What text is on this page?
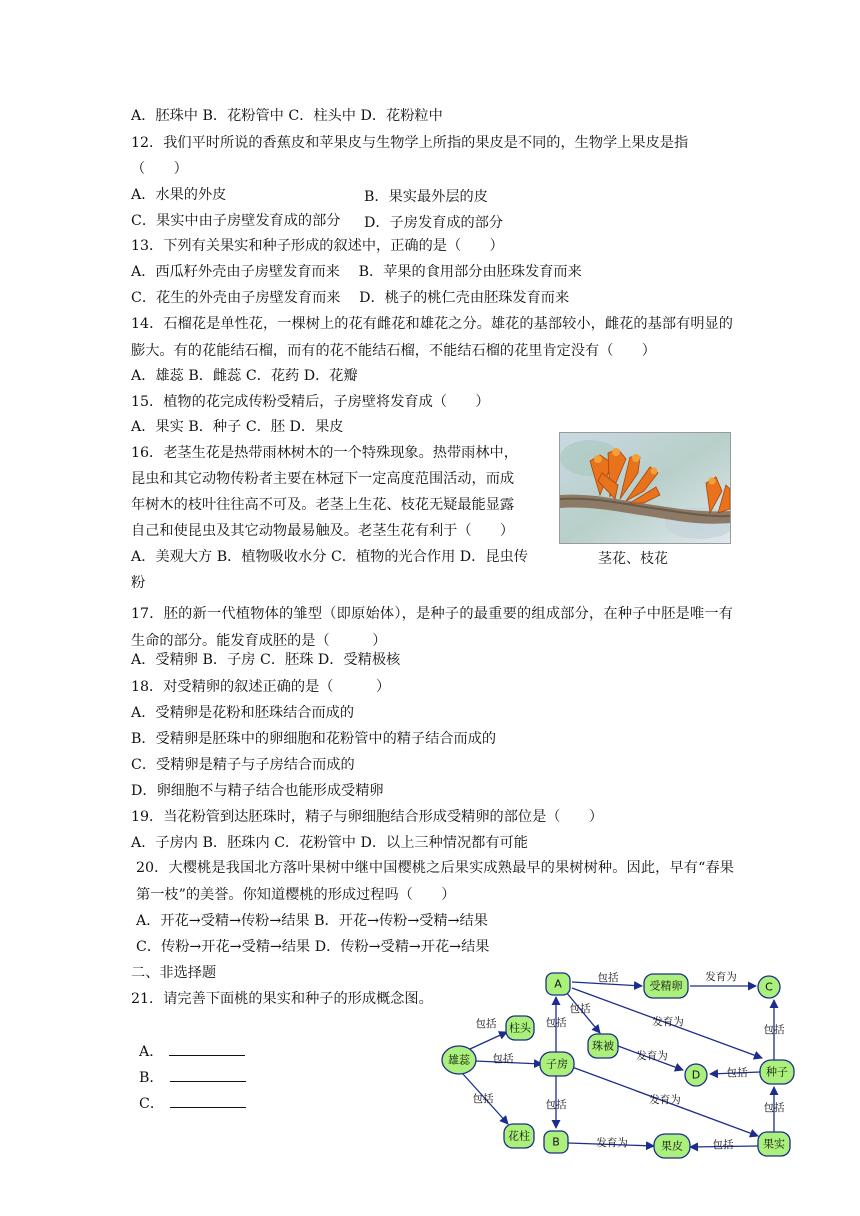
A．胚珠中 B．花粉管中 C．柱头中 D．花粉粒中
12．我们平时所说的香蕉皮和苹果皮与生物学上所指的果皮是不同的，生物学上果皮是指
（　　）
A．水果的外皮	B．果实最外层的皮
C．果实中由子房壁发育成的部分 D．子房发育成的部分
13．下列有关果实和种子形成的叙述中，正确的是（　　）
A．西瓜籽外壳由子房壁发育而来　 B．苹果的食用部分由胚珠发育而来
C．花生的外壳由子房壁发育而来　 D．桃子的桃仁壳由胚珠发育而来
14．石榴花是单性花，一棵树上的花有雌花和雄花之分。雄花的基部较小，雌花的基部有明显的膨大。有的花能结石榴，而有的花不能结石榴，不能结石榴的花里肯定没有（　　）
A．雄蕊 B．雌蕊 C．花药 D．花瓣
15．植物的花完成传粉受精后，子房壁将发育成（　　）
A．果实 B．种子 C．胚 D．果皮
16．老茎生花是热带雨林树木的一个特殊现象。热带雨林中，
昆虫和其它动物传粉者主要在林冠下一定高度范围活动，而成
年树木的枝叶往往高不可及。老茎上生花、枝花无疑最能显露
自己和使昆虫及其它动物最易触及。老茎生花有利于（　　）
A．美观大方 B．植物吸收水分 C．植物的光合作用 D．昆虫传
粉
茎花、枝花
17．胚的新一代植物体的雏型（即原始体），是种子的最重要的组成部分，在种子中胚是唯一有生命的部分。能发育成胚的是（　　　）
A．受精卵 B．子房 C．胚珠 D．受精极核
18．对受精卵的叙述正确的是（　　　）
A．受精卵是花粉和胚珠结合而成的
B．受精卵是胚珠中的卵细胞和花粉管中的精子结合而成的
C．受精卵是精子与子房结合而成的
D．卵细胞不与精子结合也能形成受精卵
19．当花粉管到达胚珠时，精子与卵细胞结合形成受精卵的部位是（　　）
A．子房内 B．胚珠内 C．花粉管中 D．以上三种情况都有可能
20．大樱桃是我国北方落叶果树中继中国樱桃之后果实成熟最早的果树树种。因此，早有“春果第一枝”的美誉。你知道樱桃的形成过程吗（　　）
A．开花→受精→传粉→结果 B．开花→传粉→受精→结果
C．传粉→开花→受精→结果 D．传粉→受精→开花→结果
二、非选择题
21．请完善下面桃的果实和种子的形成概念图。
A．
B．
C．
包括	发育为
包括
发育为
包括
包括
包括
包括
包括	包括	发育为
发育为
包括
包括
发育为	包括
A	受精卵	C
柱头
珠被
D
雄蕊	子房
种子
花柱 B	果皮	果实
